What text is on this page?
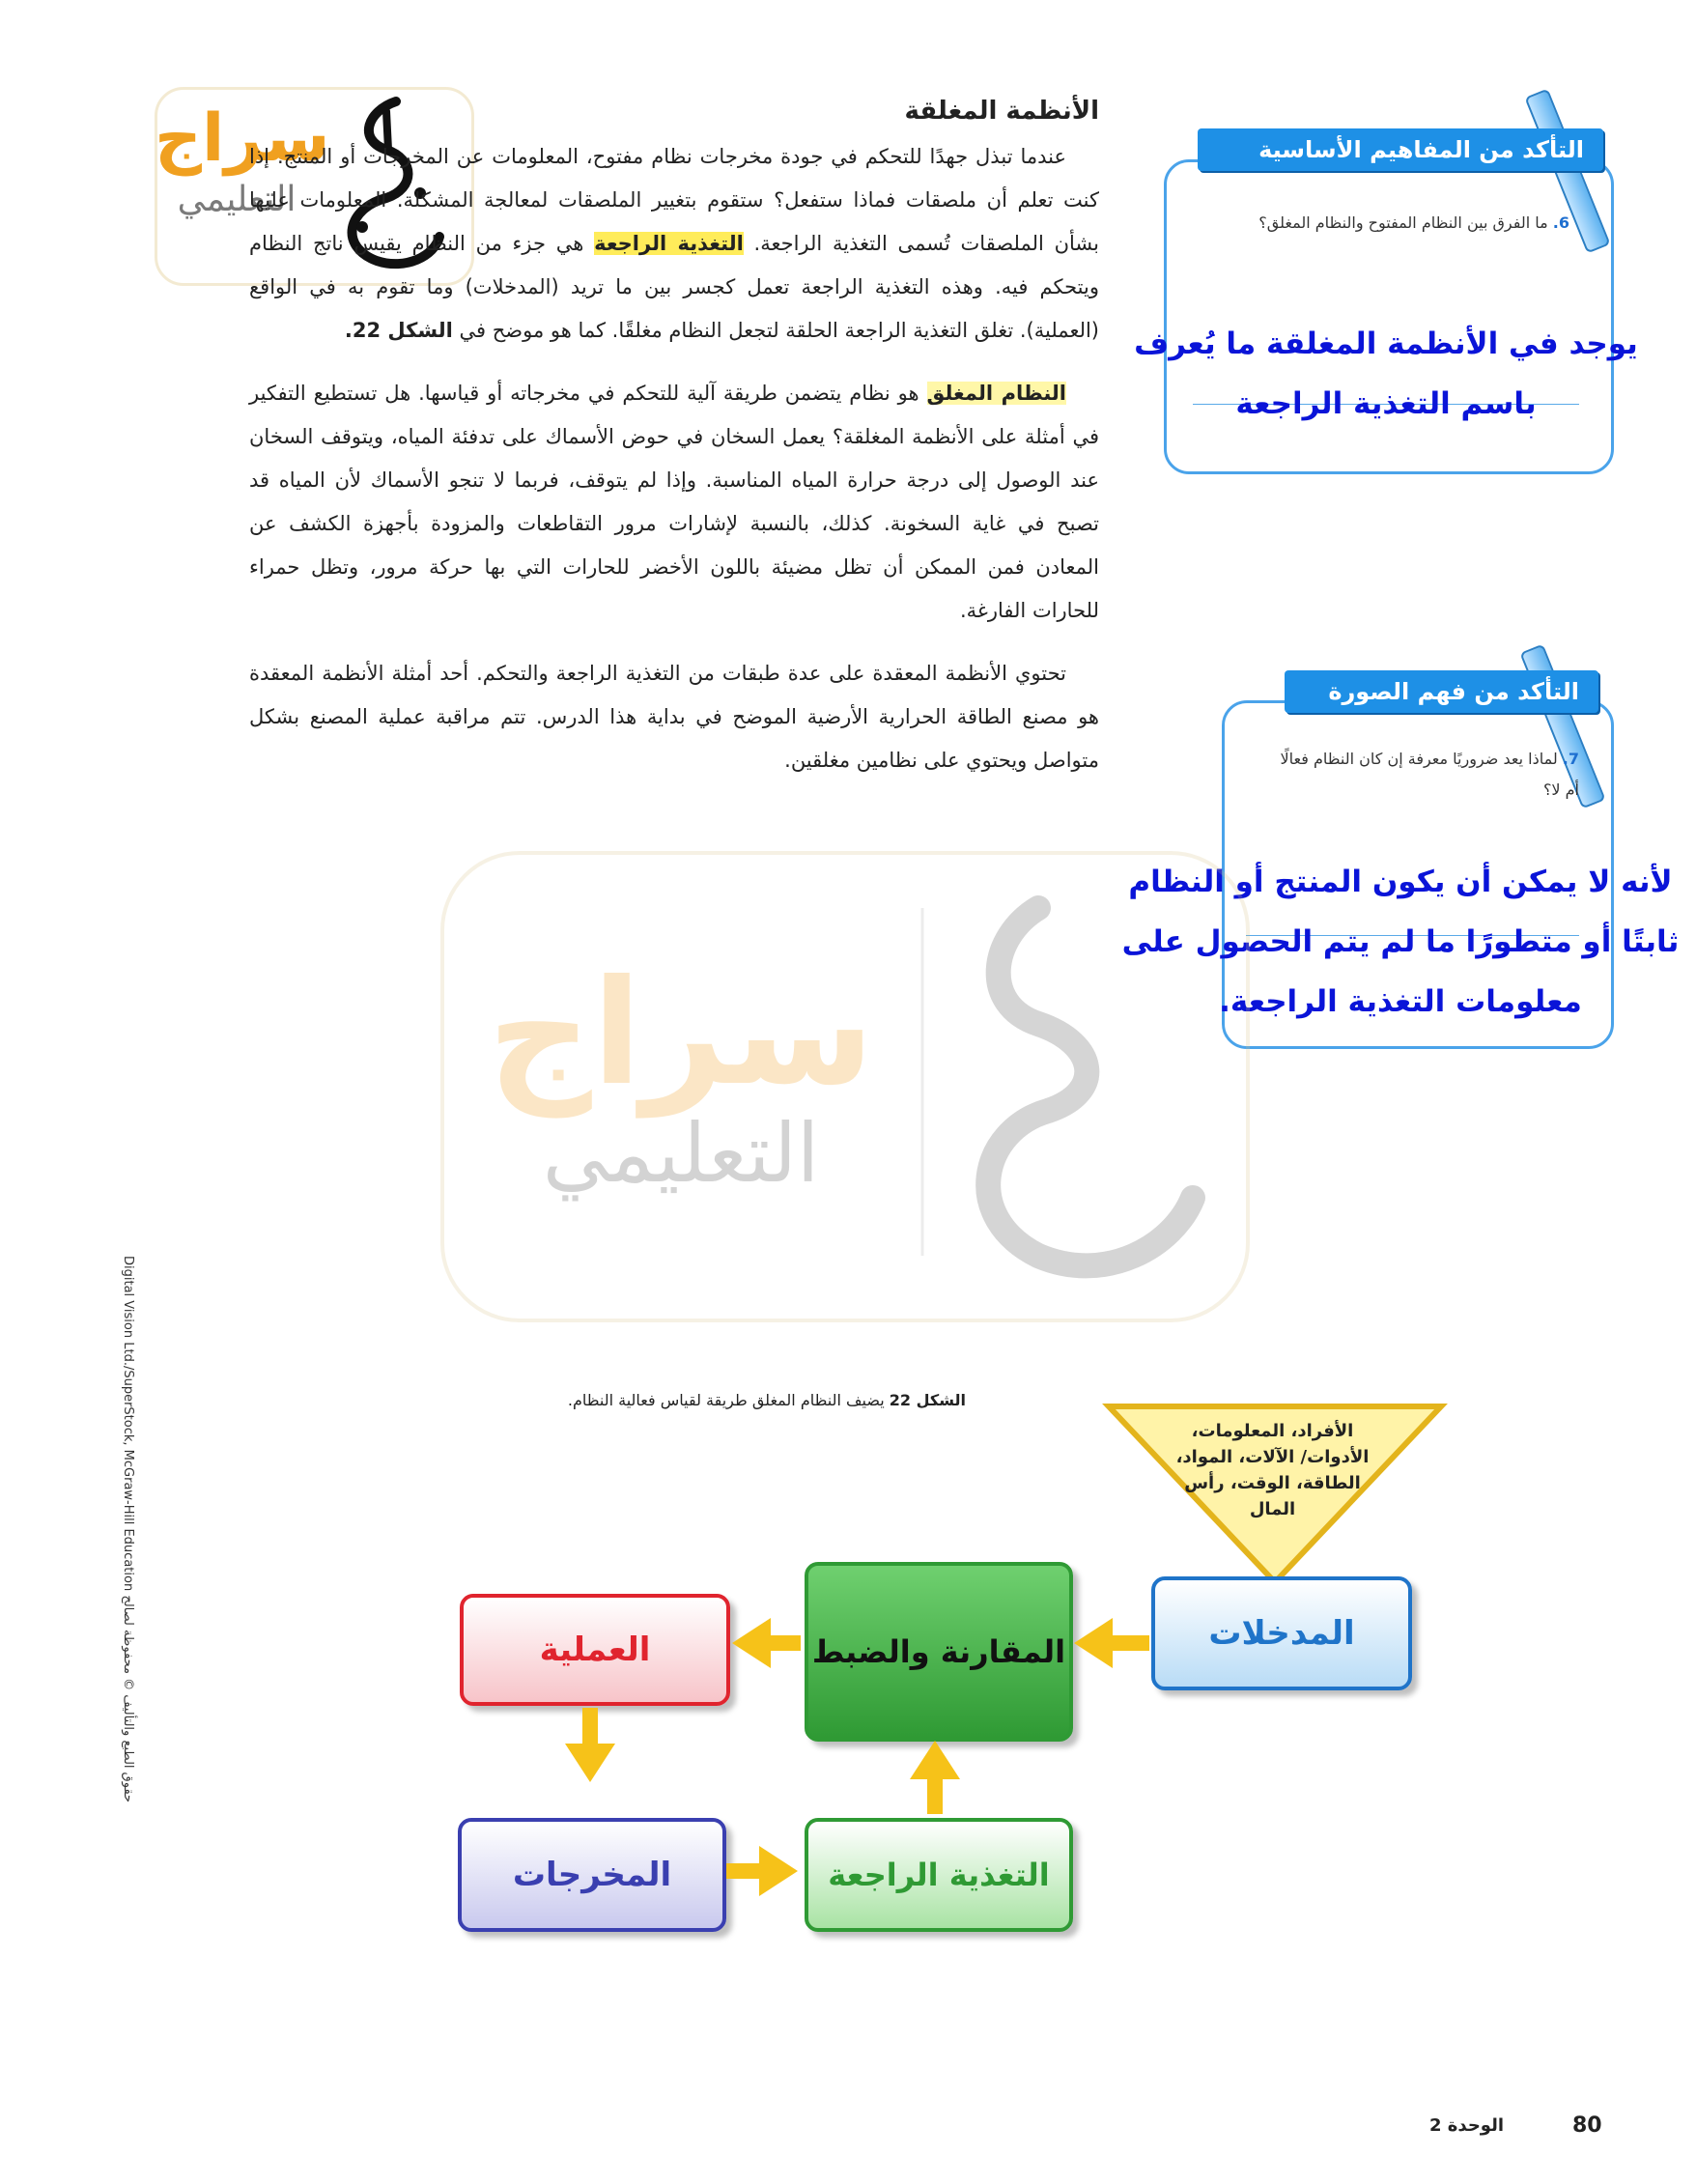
سراج
التعليمي
الأنظمة المغلقة

عندما تبذل جهدًا للتحكم في جودة مخرجات نظام مفتوح، المعلومات عن المخرجات أو المنتج. إذا كنت تعلم أن ملصقات فماذا ستفعل؟ ستقوم بتغيير الملصقات لمعالجة المشكلة. المعلومات عليها بشأن الملصقات تُسمى التغذية الراجعة. التغذية الراجعة هي جزء من النظام يقيس ناتج النظام ويتحكم فيه. وهذه التغذية الراجعة تعمل كجسر بين ما تريد (المدخلات) وما تقوم به في الواقع (العملية). تغلق التغذية الراجعة الحلقة لتجعل النظام مغلقًا. كما هو موضح في الشكل 22.

النظام المغلق هو نظام يتضمن طريقة آلية للتحكم في مخرجاته أو قياسها. هل تستطيع التفكير في أمثلة على الأنظمة المغلقة؟ يعمل السخان في حوض الأسماك على تدفئة المياه، ويتوقف السخان عند الوصول إلى درجة حرارة المياه المناسبة. وإذا لم يتوقف، فربما لا تنجو الأسماك لأن المياه قد تصبح في غاية السخونة. كذلك، بالنسبة لإشارات مرور التقاطعات والمزودة بأجهزة الكشف عن المعادن فمن الممكن أن تظل مضيئة باللون الأخضر للحارات التي بها حركة مرور، وتظل حمراء للحارات الفارغة.

تحتوي الأنظمة المعقدة على عدة طبقات من التغذية الراجعة والتحكم. أحد أمثلة الأنظمة المعقدة هو مصنع الطاقة الحرارية الأرضية الموضح في بداية هذا الدرس. تتم مراقبة عملية المصنع بشكل متواصل ويحتوي على نظامين مغلقين.

التأكد من المفاهيم الأساسية
6. ما الفرق بين النظام المفتوح والنظام المغلق؟
يوجد في الأنظمة المغلقة ما يُعرف باسم التغذية الراجعة
التأكد من فهم الصورة
7. لماذا يعد ضروريًا معرفة إن كان النظام فعالًا أم لا؟
لأنه لا يمكن أن يكون المنتج أو النظام ثابتًا أو متطورًا ما لم يتم الحصول على معلومات التغذية الراجعة.
سراج
التعليمي
Digital Vision Ltd./SuperStock, McGraw-Hill Education حقوق الطبع والتأليف © محفوظة لصالح
الشكل 22 يضيف النظام المغلق طريقة لقياس فعالية النظام.
الأفراد، المعلومات، الأدوات/ الآلات، المواد، الطاقة، الوقت، رأس المال
المدخلات
المقارنة والضبط
العملية
التغذية الراجعة
المخرجات
الوحدة 2	80
